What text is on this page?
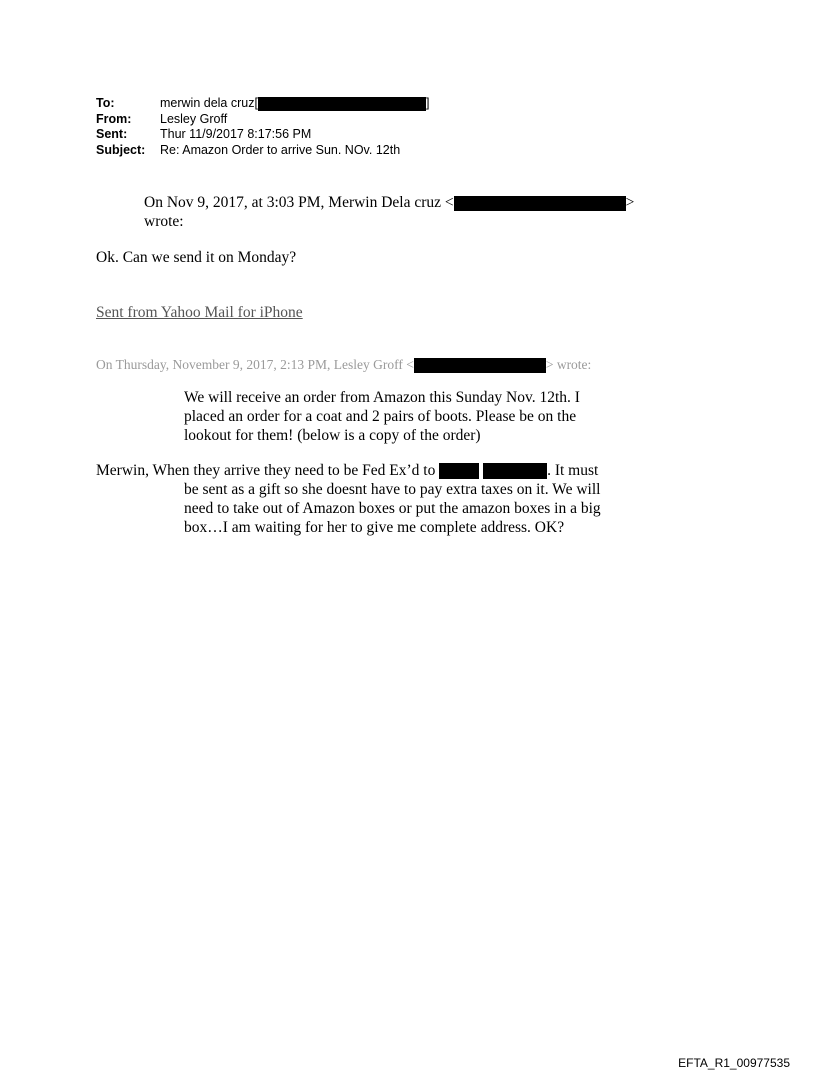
To:	merwin dela cruz[	]
From:	Lesley Groff
Sent:	Thur 11/9/2017 8:17:56 PM
Subject:	Re: Amazon Order to arrive Sun. NOv. 12th
On Nov 9, 2017, at 3:03 PM, Merwin Dela cruz <	>
wrote:
Ok. Can we send it on Monday?
Sent from Yahoo Mail for iPhone
On Thursday, November 9, 2017, 2:13 PM, Lesley Groff <	> wrote:
We will receive an order from Amazon this Sunday Nov. 12th. I
placed an order for a coat and 2 pairs of boots. Please be on the
lookout for them! (below is a copy of the order)
Merwin, When they arrive they need to be Fed Ex’d to	. It must
be sent as a gift so she doesnt have to pay extra taxes on it. We will
need to take out of Amazon boxes or put the amazon boxes in a big
box…I am waiting for her to give me complete address. OK?
EFTA_R1_00977535
